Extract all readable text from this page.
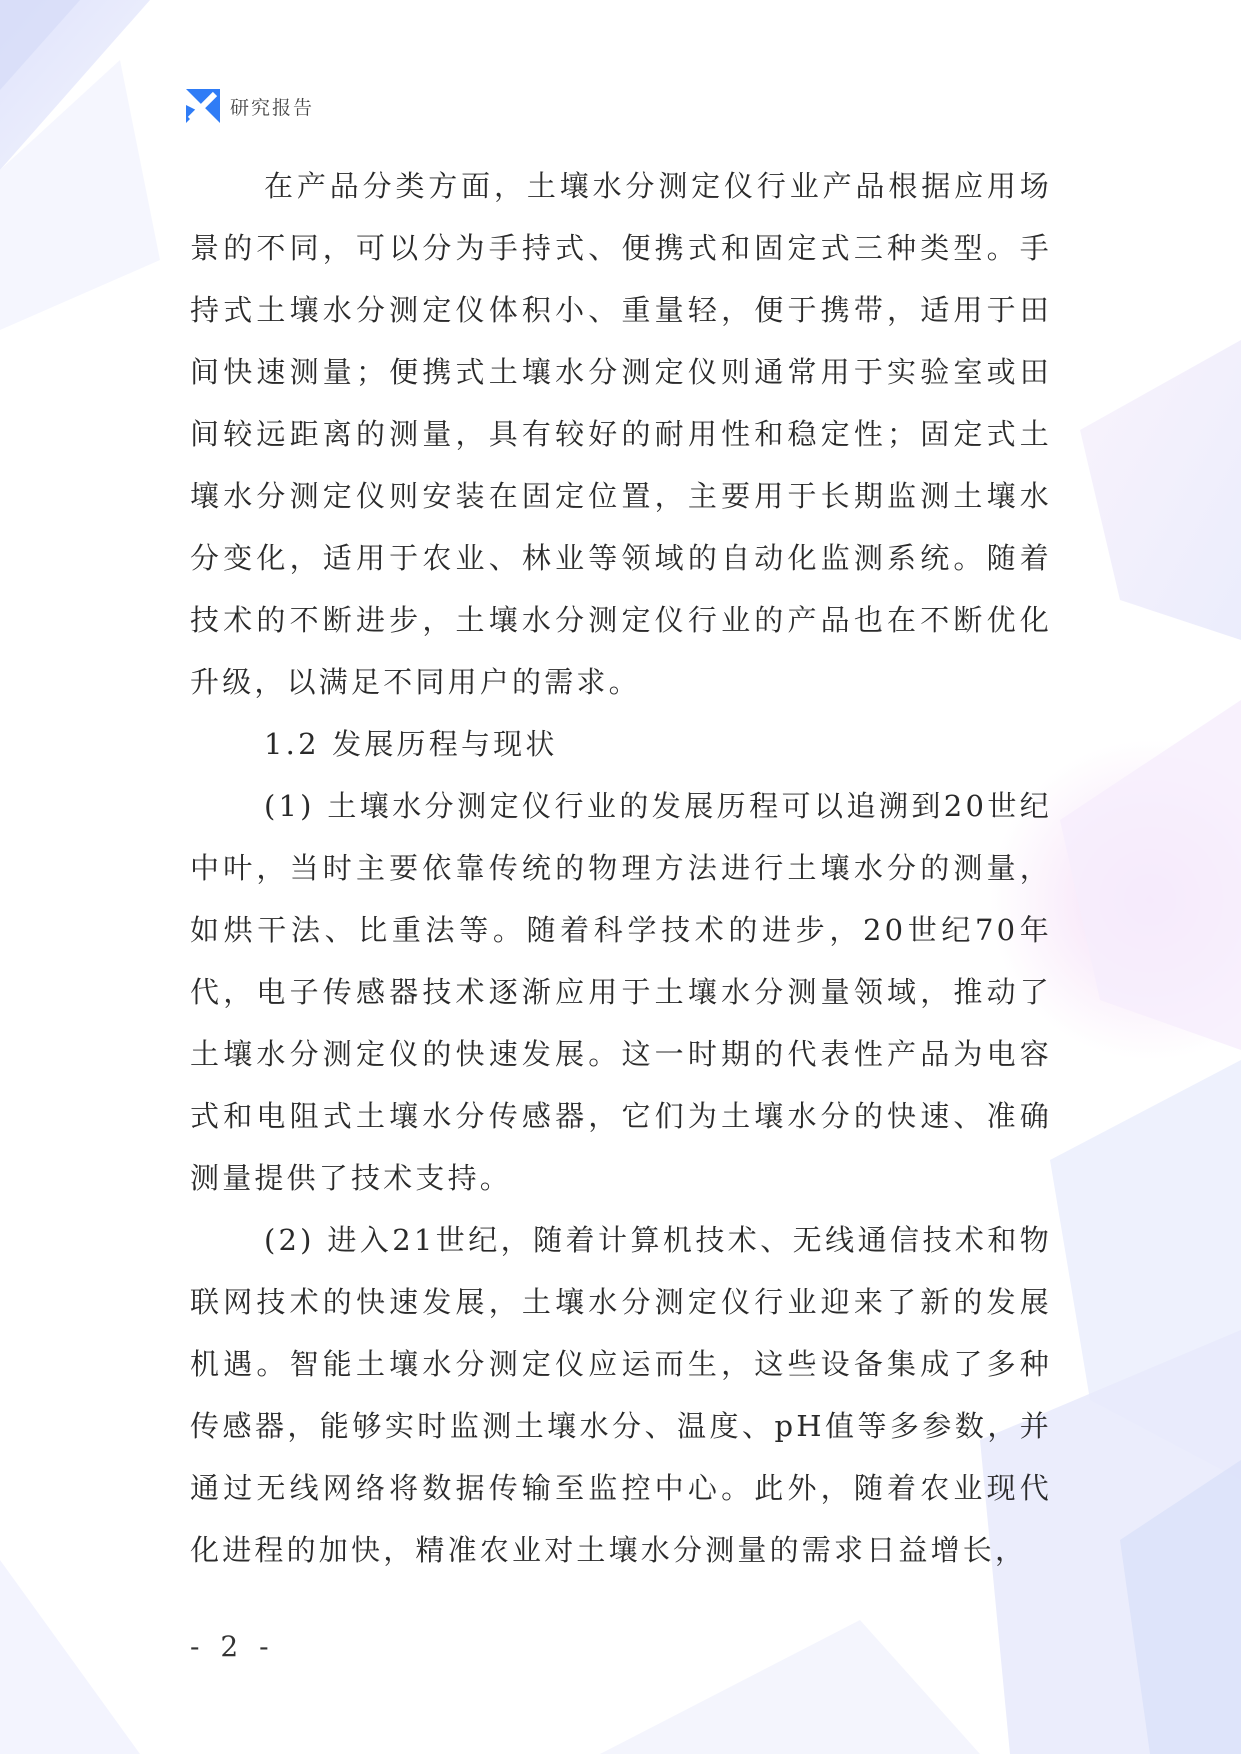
研究报告

在产品分类方面，土壤水分测定仪行业产品根据应用场景的不同，可以分为手持式、便携式和固定式三种类型。手持式土壤水分测定仪体积小、重量轻，便于携带，适用于田间快速测量；便携式土壤水分测定仪则通常用于实验室或田间较远距离的测量，具有较好的耐用性和稳定性；固定式土壤水分测定仪则安装在固定位置，主要用于长期监测土壤水分变化，适用于农业、林业等领域的自动化监测系统。随着技术的不断进步，土壤水分测定仪行业的产品也在不断优化升级，以满足不同用户的需求。

1.2 发展历程与现状

(1) 土壤水分测定仪行业的发展历程可以追溯到20世纪中叶，当时主要依靠传统的物理方法进行土壤水分的测量，如烘干法、比重法等。随着科学技术的进步，20世纪70年代，电子传感器技术逐渐应用于土壤水分测量领域，推动了土壤水分测定仪的快速发展。这一时期的代表性产品为电容式和电阻式土壤水分传感器，它们为土壤水分的快速、准确测量提供了技术支持。

(2) 进入21世纪，随着计算机技术、无线通信技术和物联网技术的快速发展，土壤水分测定仪行业迎来了新的发展机遇。智能土壤水分测定仪应运而生，这些设备集成了多种传感器，能够实时监测土壤水分、温度、pH值等多参数，并通过无线网络将数据传输至监控中心。此外，随着农业现代化进程的加快，精准农业对土壤水分测量的需求日益增长，

- 2 -
